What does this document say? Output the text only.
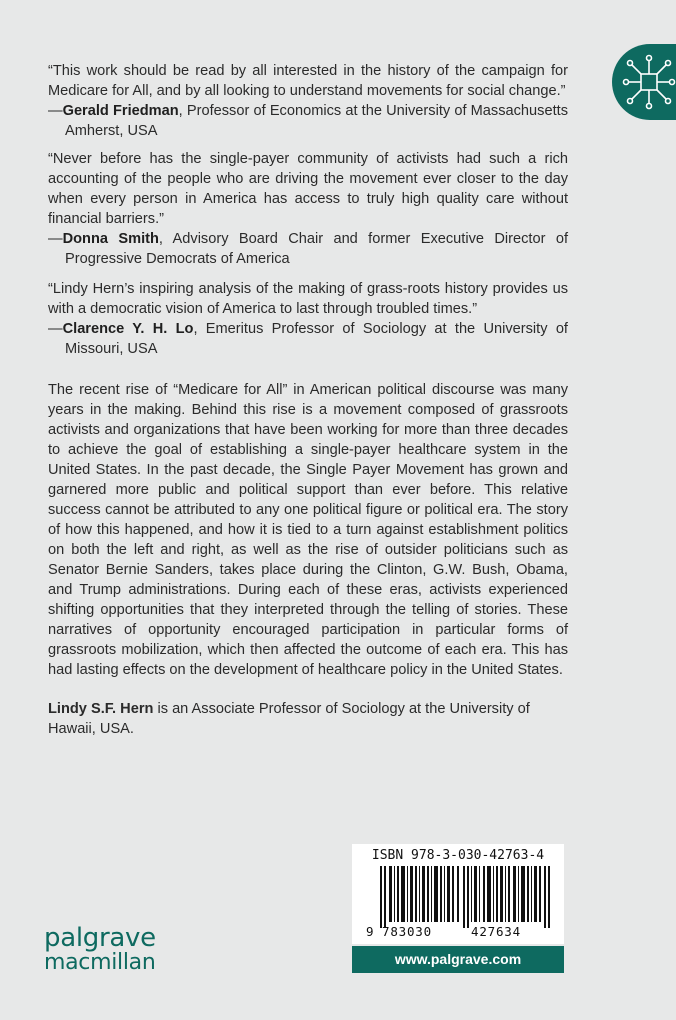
“This work should be read by all interested in the history of the campaign for Medicare for All, and by all looking to understand movements for social change.”

—Gerald Friedman, Professor of Economics at the University of Massachusetts Amherst, USA

“Never before has the single-payer community of activists had such a rich accounting of the people who are driving the movement ever closer to the day when every person in America has access to truly high quality care without financial barriers.”

—Donna Smith, Advisory Board Chair and former Executive Director of Progressive Democrats of America

“Lindy Hern’s inspiring analysis of the making of grass-roots history provides us with a democratic vision of America to last through troubled times.”

—Clarence Y. H. Lo, Emeritus Professor of Sociology at the University of Missouri, USA

The recent rise of “Medicare for All” in American political discourse was many years in the making. Behind this rise is a movement composed of grassroots activists and organizations that have been working for more than three decades to achieve the goal of establishing a single-payer healthcare system in the United States. In the past decade, the Single Payer Movement has grown and garnered more public and political support than ever before. This relative success cannot be attributed to any one political figure or political era. The story of how this happened, and how it is tied to a turn against establishment politics on both the left and right, as well as the rise of outsider politicians such as Senator Bernie Sanders, takes place during the Clinton, G.W. Bush, Obama, and Trump administrations. During each of these eras, activists experienced shifting opportunities that they interpreted through the telling of stories. These narratives of opportunity encouraged participation in particular forms of grassroots mobilization, which then affected the outcome of each era. This has had lasting effects on the development of healthcare policy in the United States.

Lindy S.F. Hern is an Associate Professor of Sociology at the University of Hawaii, USA.

palgrave
macmillan
ISBN 978-3-030-42763-4
9 783030	427634
www.palgrave.com
